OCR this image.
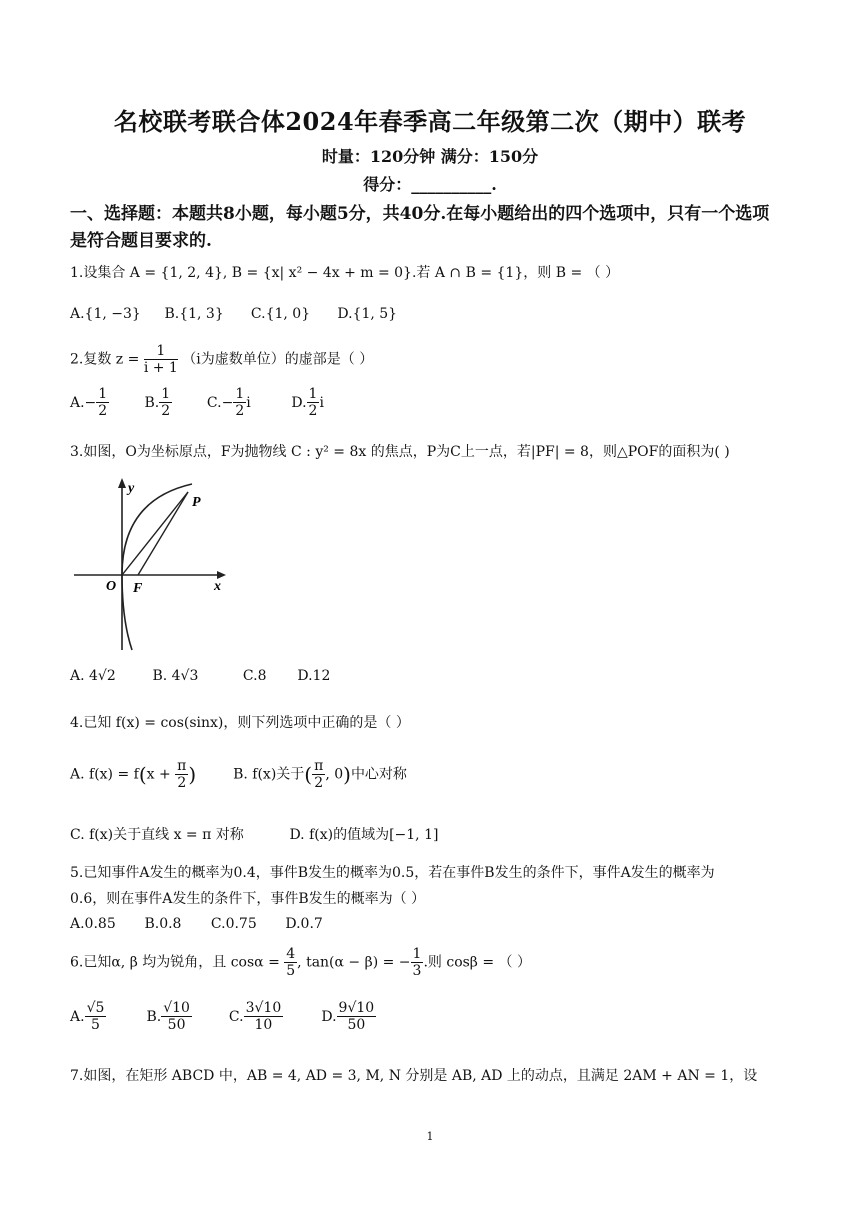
名校联考联合体2024年春季高二年级第二次（期中）联考
时量：120分钟 满分：150分
得分：__________.
一、选择题：本题共8小题，每小题5分，共40分.在每小题给出的四个选项中，只有一个选项
是符合题目要求的.
1.设集合 A = {1, 2, 4}, B = {x| x² − 4x + m = 0}.若 A ∩ B = {1}，则 B = （ ）
A.{1, −3} B.{1, 3} C.{1, 0} D.{1, 5}
2.复数 $z = \frac{1}{i + 1} (i$为虚数单位）的虚部是（ ）
$A.- \frac{1}{2}$	B. $\frac{1}{2} C.- \frac{1}{2}$ i	D. $\frac{1}{2}$ i
3.如图，O为坐标原点，F为抛物线 C : y² = 8x 的焦点，P为C上一点，若|PF| = 8，则△POF的面积为( )
y
x
O F
P
A. 4√2	B. 4√3	C.8 D.12
4.已知 f(x) = cos(sinx)，则下列选项中正确的是（ ）
A. $f(x) = f(x + \frac{\pi}{2}$ )	B. f(x)关于( $\frac{\pi}{2}$ , 0)中心对称
C. f(x)关于直线 x = π 对称	D. f(x)的值域为[−1, 1]
5.已知事件A发生的概率为0.4，事件B发生的概率为0.5，若在事件B发生的条件下，事件A发生的概率为
0.6，则在事件A发生的条件下，事件B发生的概率为（ ）
A.0.85 B.0.8 C.0.75 D.0.7
6.已知α, β 均为锐角，且 $\cos\alpha = \frac{4}{5}$ , tan(α − β) = − $\frac{1}{3}$ .则 cosβ = （ ）
A. $\frac{√5}{5}$	B. $\frac{√10}{50}$	C. $\frac{3√10}{10}$	D. $\frac{9√10}{50}$
7.如图，在矩形 ABCD 中，AB = 4, AD = 3, M, N 分别是 AB, AD 上的动点，且满足 2AM + AN = 1，设
1
